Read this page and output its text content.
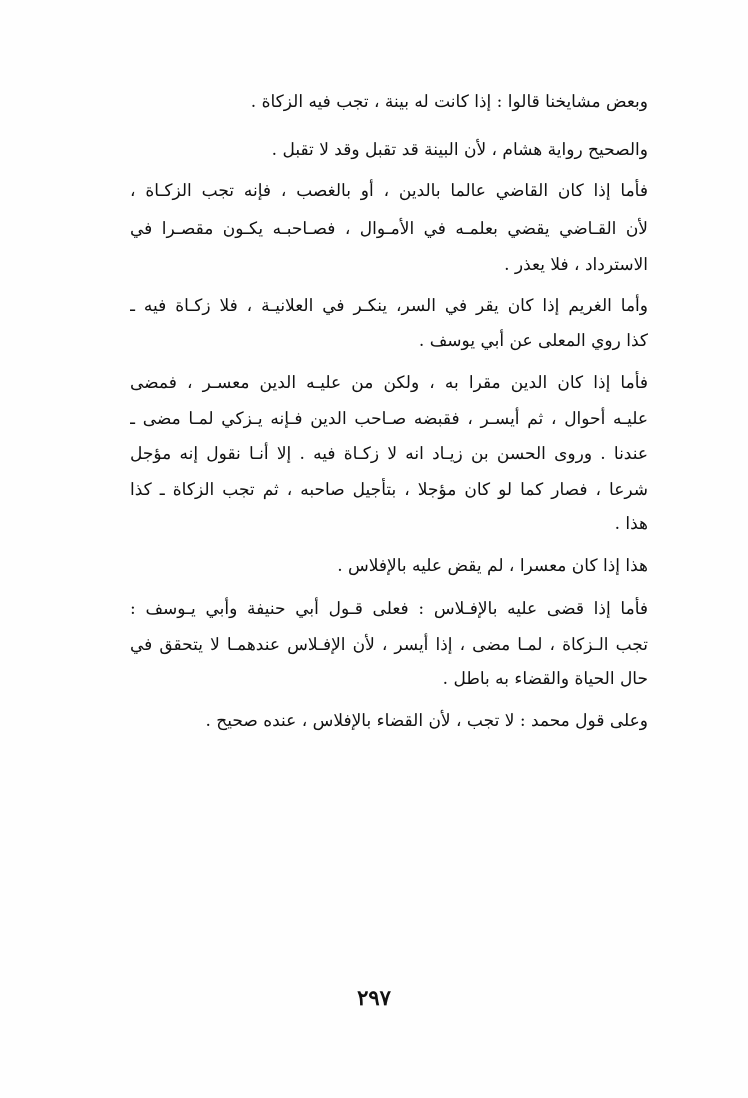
وبعض مشايخنا قالوا : إذا كانت له بينة ، تجب فيه الزكاة .
والصحيح رواية هشام ، لأن البينة قد تقبل وقد لا تقبل .
فأما إذا كان القاضي عالما بالدين ، أو بالغصب ، فإنه تجب الزكـاة ،
لأن القـاضي يقضي بعلمـه في الأمـوال ، فصـاحبـه يكـون مقصـرا في
الاسترداد ، فلا يعذر .
وأما الغريم إذا كان يقر في السر، ينكـر في العلانيـة ، فلا زكـاة فيه ـ
كذا روي المعلى عن أبي يوسف .
فأما إذا كان الدين مقرا به ، ولكن من عليـه الدين معسـر ، فمضى
عليـه أحوال ، ثم أيسـر ، فقبضه صـاحب الدين فـإنه يـزكي لمـا مضى ـ
عندنا . وروى الحسن بن زيـاد انه لا زكـاة فيه . إلا أنـا نقول إنه مؤجل
شرعا ، فصار كما لو كان مؤجلا ، بتأجيل صاحبه ، ثم تجب الزكاة ـ كذا
هذا .
هذا إذا كان معسرا ، لم يقض عليه بالإفلاس .
فأما إذا قضى عليه بالإفـلاس : فعلى قـول أبي حنيفة وأبي يـوسف :
تجب الـزكاة ، لمـا مضى ، إذا أيسر ، لأن الإفـلاس عندهمـا لا يتحقق في
حال الحياة والقضاء به باطل .
وعلى قول محمد : لا تجب ، لأن القضاء بالإفلاس ، عنده صحيح .
٢٩٧
